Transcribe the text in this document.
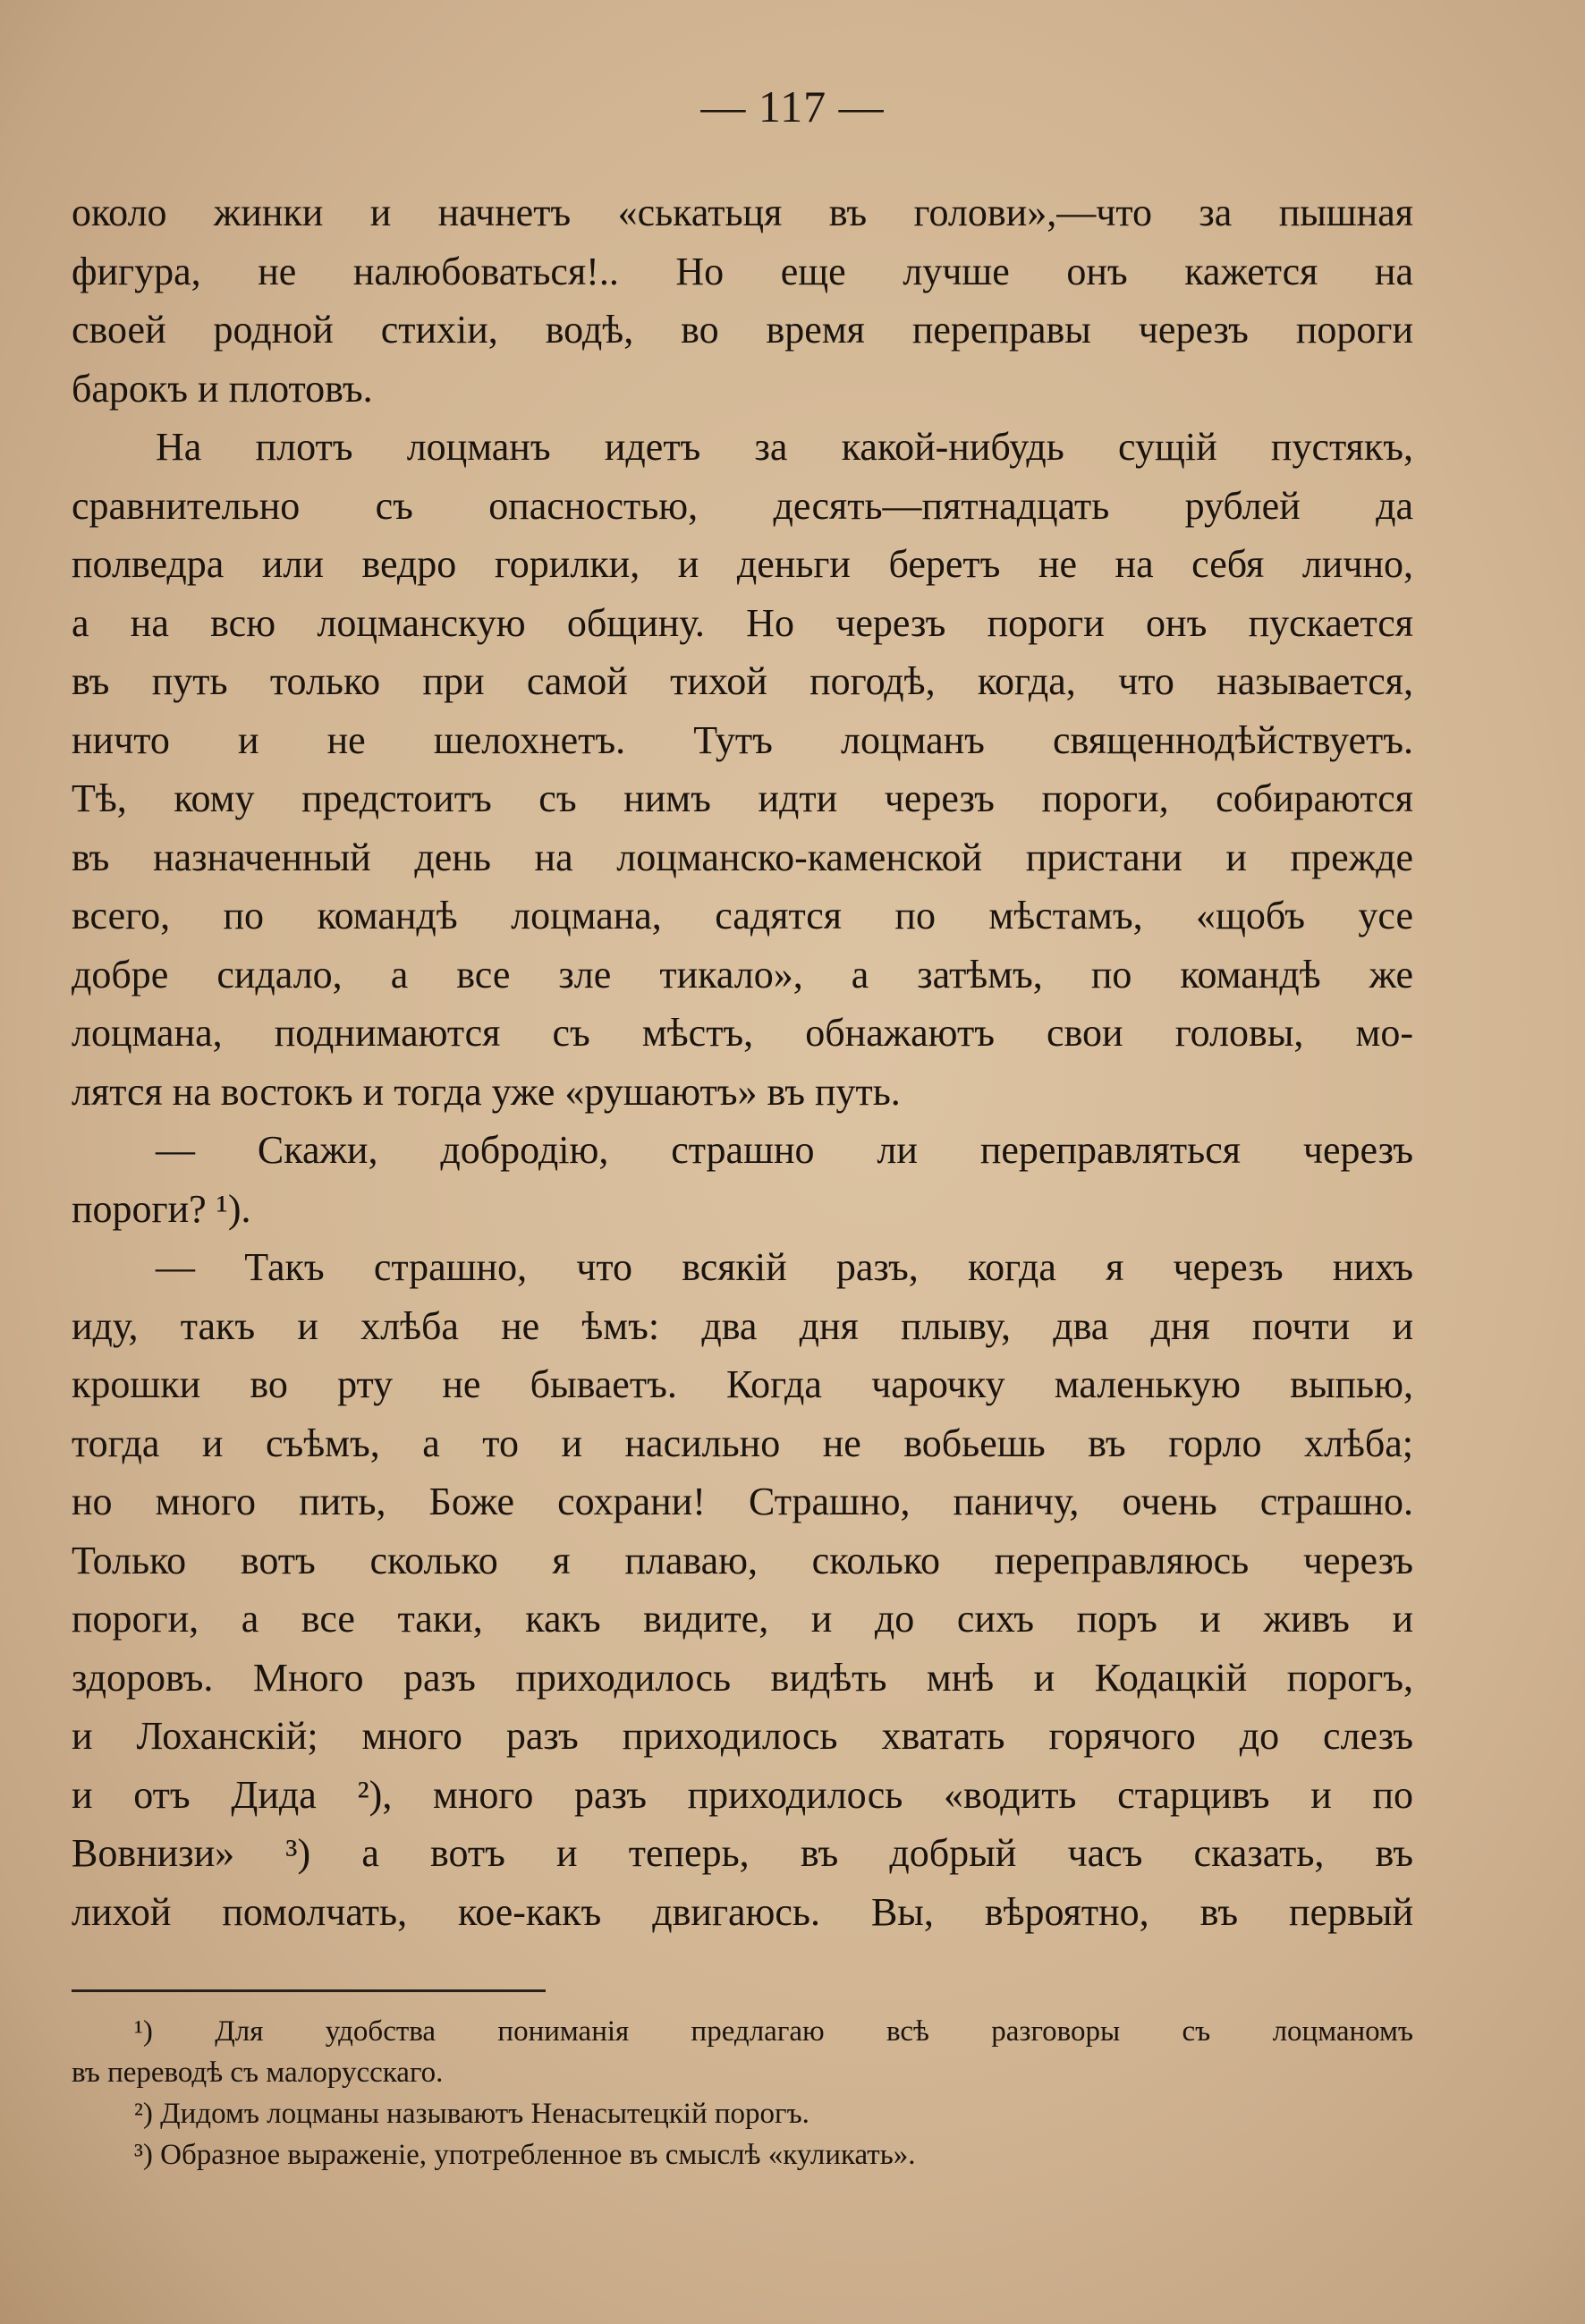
— 117 —
около жинки и начнетъ «ськатьця въ голови»,—что за пышная
фигура, не налюбоваться!.. Но еще лучше онъ кажется на
своей родной стихіи, водѣ, во время переправы черезъ пороги
барокъ и плотовъ.
На плотъ лоцманъ идетъ за какой-нибудь сущій пустякъ,
сравнительно съ опасностью, десять—пятнадцать рублей да
полведра или ведро горилки, и деньги беретъ не на себя лично,
а на всю лоцманскую общину. Но черезъ пороги онъ пускается
въ путь только при самой тихой погодѣ, когда, что называется,
ничто и не шелохнетъ. Тутъ лоцманъ священнодѣйствуетъ.
Тѣ, кому предстоитъ съ нимъ идти черезъ пороги, собираются
въ назначенный день на лоцманско-каменской пристани и прежде
всего, по командѣ лоцмана, садятся по мѣстамъ, «щобъ усе
добре сидало, а все зле тикало», а затѣмъ, по командѣ же
лоцмана, поднимаются съ мѣстъ, обнажаютъ свои головы, мо-
лятся на востокъ и тогда уже «рушаютъ» въ путь.
— Скажи, добродію, страшно ли переправляться черезъ
пороги? ¹).
— Такъ страшно, что всякій разъ, когда я черезъ нихъ
иду, такъ и хлѣба не ѣмъ: два дня плыву, два дня почти и
крошки во рту не бываетъ. Когда чарочку маленькую выпью,
тогда и съѣмъ, а то и насильно не вобьешь въ горло хлѣба;
но много пить, Боже сохрани! Страшно, паничу, очень страшно.
Только вотъ сколько я плаваю, сколько переправляюсь черезъ
пороги, а все таки, какъ видите, и до сихъ поръ и живъ и
здоровъ. Много разъ приходилось видѣть мнѣ и Кодацкій порогъ,
и Лоханскій; много разъ приходилось хватать горячого до слезъ
и отъ Дида ²), много разъ приходилось «водить старцивъ и по
Вовнизи» ³) а вотъ и теперь, въ добрый часъ сказать, въ
лихой помолчать, кое-какъ двигаюсь. Вы, вѣроятно, въ первый
¹) Для удобства пониманія предлагаю всѣ разговоры съ лоцманомъ
въ переводѣ съ малорусскаго.
²) Дидомъ лоцманы называютъ Ненасытецкій порогъ.
³) Образное выраженіе, употребленное въ смыслѣ «куликать».
